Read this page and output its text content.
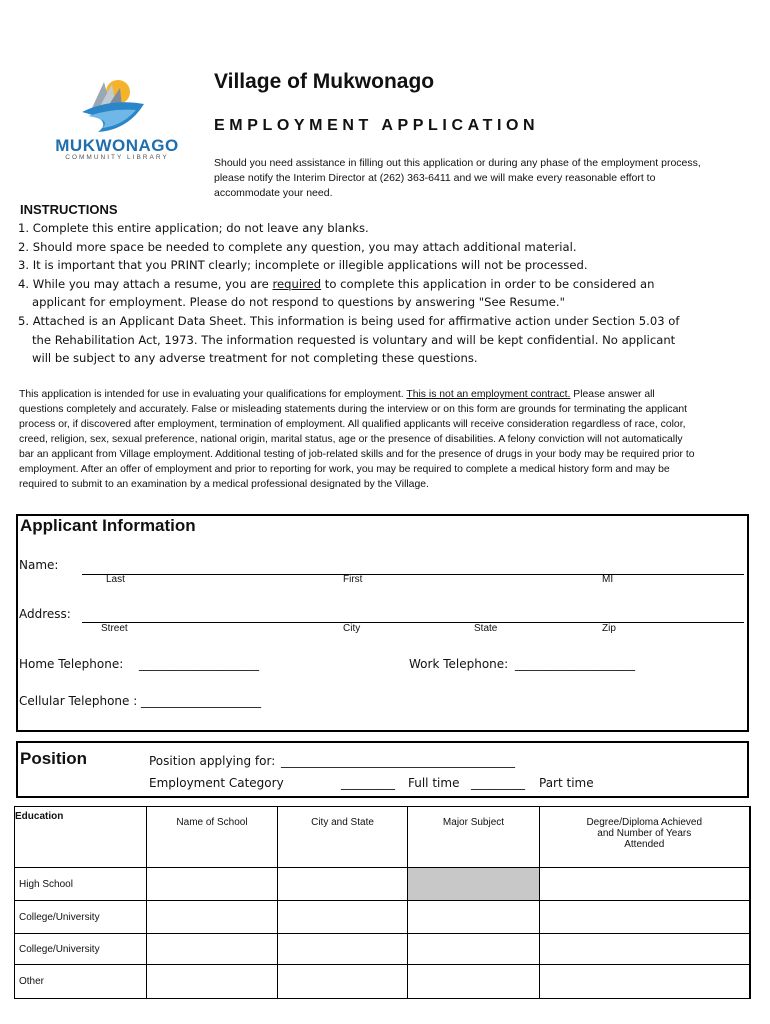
MUKWONAGO
COMMUNITY LIBRARY
Village of Mukwonago
EMPLOYMENT APPLICATION
Should you need assistance in filling out this application or during any phase of the employment process, please notify the Interim Director at (262) 363-6411 and we will make every reasonable effort to accommodate your need.
INSTRUCTIONS
1. Complete this entire application; do not leave any blanks.
2. Should more space be needed to complete any question, you may attach additional material.
3. It is important that you PRINT clearly; incomplete or illegible applications will not be processed.
4. While you may attach a resume, you are required to complete this application in order to be considered an
applicant for employment. Please do not respond to questions by answering "See Resume."
5. Attached is an Applicant Data Sheet. This information is being used for affirmative action under Section 5.03 of
the Rehabilitation Act, 1973. The information requested is voluntary and will be kept confidential. No applicant
will be subject to any adverse treatment for not completing these questions.
This application is intended for use in evaluating your qualifications for employment. This is not an employment contract. Please answer all questions completely and accurately. False or misleading statements during the interview or on this form are grounds for terminating the applicant process or, if discovered after employment, termination of employment. All qualified applicants will receive consideration regardless of race, color, creed, religion, sex, sexual preference, national origin, marital status, age or the presence of disabilities. A felony conviction will not automatically bar an applicant from Village employment. Additional testing of job-related skills and for the presence of drugs in your body may be required prior to employment. After an offer of employment and prior to reporting for work, you may be required to complete a medical history form and may be required to submit to an examination by a medical professional designated by the Village.
Applicant Information
Name:
Last	First	MI
Address:
Street	City	State	Zip
Home Telephone: ____________________	Work Telephone: ____________________
Cellular Telephone : ____________________
Position	Position applying for: _______________________________________
Employment Category	_________ Full time _________ Part time
Education	Name of School	City and State	Major Subject	Degree/Diploma Achieved and Number of Years Attended
High School				
College/University				
College/University				
Other				
